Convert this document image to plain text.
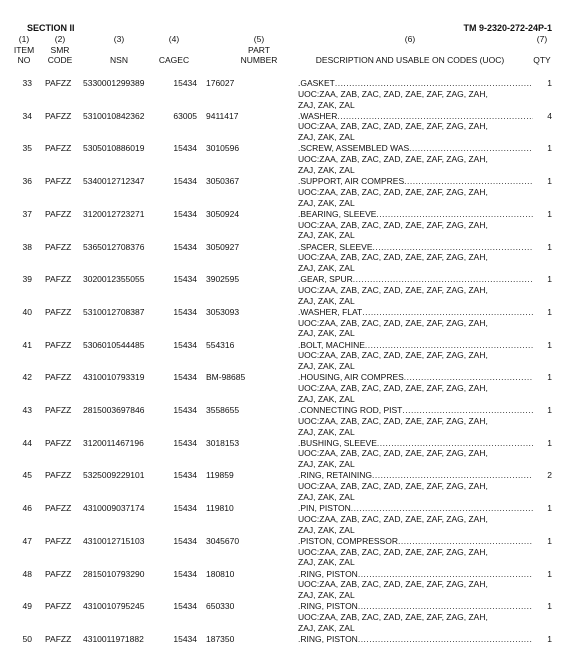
SECTION II	TM 9-2320-272-24P-1
(1)
ITEM
NO
(2)
SMR
CODE
(3)

NSN
(4)

CAGEC
(5)
PART
NUMBER
(6)

DESCRIPTION AND USABLE ON CODES (UOC)
(7)

QTY
33 PAFZZ 5330001299389	15434 176027	.GASKET
.....
UOC:ZAA, ZAB, ZAC, ZAD, ZAE, ZAF, ZAG, ZAH,
ZAJ, ZAK, ZAL
1
34 PAFZZ 5310010842362	63005 9411417	.WASHER
.....
UOC:ZAA, ZAB, ZAC, ZAD, ZAE, ZAF, ZAG, ZAH,
ZAJ, ZAK, ZAL
4
35 PAFZZ 5305010886019	15434 3010596	.SCREW, ASSEMBLED WAS
.....
UOC:ZAA, ZAB, ZAC, ZAD, ZAE, ZAF, ZAG, ZAH,
ZAJ, ZAK, ZAL
1
36 PAFZZ 5340012712347	15434 3050367	.SUPPORT, AIR COMPRES
.....
UOC:ZAA, ZAB, ZAC, ZAD, ZAE, ZAF, ZAG, ZAH,
ZAJ, ZAK, ZAL
1
37 PAFZZ 3120012723271	15434 3050924	.BEARING, SLEEVE
.....
UOC:ZAA, ZAB, ZAC, ZAD, ZAE, ZAF, ZAG, ZAH,
ZAJ, ZAK, ZAL
1
38 PAFZZ 5365012708376	15434 3050927	.SPACER, SLEEVE
.....
UOC:ZAA, ZAB, ZAC, ZAD, ZAE, ZAF, ZAG, ZAH,
ZAJ, ZAK, ZAL
1
39 PAFZZ 3020012355055	15434 3902595	.GEAR, SPUR
.....
UOC:ZAA, ZAB, ZAC, ZAD, ZAE, ZAF, ZAG, ZAH,
ZAJ, ZAK, ZAL
1
40 PAFZZ 5310012708387	15434 3053093	.WASHER, FLAT
.....
UOC:ZAA, ZAB, ZAC, ZAD, ZAE, ZAF, ZAG, ZAH,
ZAJ, ZAK, ZAL
1
41 PAFZZ 5306010544485	15434 554316	.BOLT, MACHINE
.....
UOC:ZAA, ZAB, ZAC, ZAD, ZAE, ZAF, ZAG, ZAH,
ZAJ, ZAK, ZAL
1
42 PAFZZ 4310010793319	15434 BM-98685	.HOUSING, AIR COMPRES
.....
UOC:ZAA, ZAB, ZAC, ZAD, ZAE, ZAF, ZAG, ZAH,
ZAJ, ZAK, ZAL
1
43 PAFZZ 2815003697846	15434 3558655	.CONNECTING ROD, PIST
.....
UOC:ZAA, ZAB, ZAC, ZAD, ZAE, ZAF, ZAG, ZAH,
ZAJ, ZAK, ZAL
1
44 PAFZZ 3120011467196	15434 3018153	.BUSHING, SLEEVE
.....
UOC:ZAA, ZAB, ZAC, ZAD, ZAE, ZAF, ZAG, ZAH,
ZAJ, ZAK, ZAL
1
45 PAFZZ 5325009229101	15434 119859	.RING, RETAINING
.....
UOC:ZAA, ZAB, ZAC, ZAD, ZAE, ZAF, ZAG, ZAH,
ZAJ, ZAK, ZAL
2
46 PAFZZ 4310009037174	15434 119810	.PIN, PISTON
.....
UOC:ZAA, ZAB, ZAC, ZAD, ZAE, ZAF, ZAG, ZAH,
ZAJ, ZAK, ZAL
1
47 PAFZZ 4310012715103	15434 3045670	.PISTON, COMPRESSOR
.....
UOC:ZAA, ZAB, ZAC, ZAD, ZAE, ZAF, ZAG, ZAH,
ZAJ, ZAK, ZAL
1
48 PAFZZ 2815010793290	15434 180810	.RING, PISTON
.....
UOC:ZAA, ZAB, ZAC, ZAD, ZAE, ZAF, ZAG, ZAH,
ZAJ, ZAK, ZAL
1
49 PAFZZ 4310010795245	15434 650330	.RING, PISTON
.....
UOC:ZAA, ZAB, ZAC, ZAD, ZAE, ZAF, ZAG, ZAH,
ZAJ, ZAK, ZAL
1
50 PAFZZ 4310011971882	15434 187350	.RING, PISTON
.....	1
